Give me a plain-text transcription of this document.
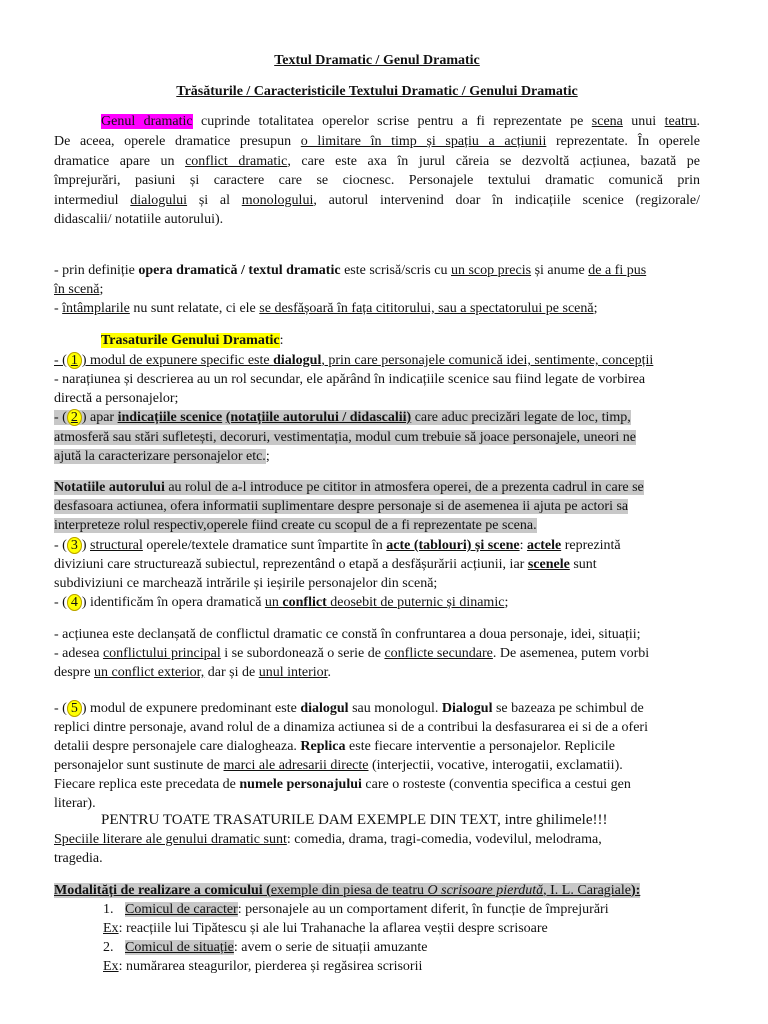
Textul Dramatic / Genul Dramatic
Trăsăturile / Caracteristicile Textului Dramatic / Genului Dramatic
Genul dramatic cuprinde totalitatea operelor scrise pentru a fi reprezentate pe scena unui teatru.
De aceea, operele dramatice presupun o limitare în timp și spațiu a acțiunii reprezentate. În operele
dramatice apare un conflict dramatic, care este axa în jurul căreia se dezvoltă acțiunea, bazată pe
împrejurări, pasiuni și caractere care se ciocnesc. Personajele textului dramatic comunică prin
intermediul dialogului și al monologului, autorul intervenind doar în indicațiile scenice (regizorale/
didascalii/ notatiile autorului).
- prin definiție opera dramatică / textul dramatic este scrisă/scris cu un scop precis și anume de a fi pus
în scenă;
- întâmplarile nu sunt relatate, ci ele se desfășoară în fața cititorului, sau a spectatorului pe scenă;
Trasaturile Genului Dramatic:
- ( 1 ) modul de expunere specific este dialogul, prin care personajele comunică idei, sentimente, concepții
- narațiunea și descrierea au un rol secundar, ele apărând în indicațiile scenice sau fiind legate de vorbirea
directă a personajelor;
- ( 2 ) apar indicațiile scenice (notațiile autorului / didascalii) care aduc precizări legate de loc, timp,
atmosferă sau stări sufletești, decoruri, vestimentația, modul cum trebuie să joace personajele, uneori ne
ajută la caracterizare personajelor etc.;
Notatiile autorului au rolul de a-l introduce pe cititor in atmosfera operei, de a prezenta cadrul in care se
desfasoara actiunea, ofera informatii suplimentare despre personaje si de asemenea ii ajuta pe actori sa
interpreteze rolul respectiv,operele fiind create cu scopul de a fi reprezentate pe scena.
- ( 3 ) structural operele/textele dramatice sunt împartite în acte (tablouri) și scene: actele reprezintă
diviziuni care structurează subiectul, reprezentând o etapă a desfășurării acțiunii, iar scenele sunt
subdiviziuni ce marchează intrările și ieșirile personajelor din scenă;
- ( 4 ) identificăm în opera dramatică un conflict deosebit de puternic și dinamic;
- acțiunea este declanșată de conflictul dramatic ce constă în confruntarea a doua personaje, idei, situații;
- adesea conflictului principal i se subordonează o serie de conflicte secundare. De asemenea, putem vorbi
despre un conflict exterior, dar și de unul interior.
- ( 5 ) modul de expunere predominant este dialogul sau monologul. Dialogul se bazeaza pe schimbul de
replici dintre personaje, avand rolul de a dinamiza actiunea si de a contribui la desfasurarea ei si de a oferi
detalii despre personajele care dialogheaza. Replica este fiecare interventie a personajelor. Replicile
personajelor sunt sustinute de marci ale adresarii directe (interjectii, vocative, interogatii, exclamatii).
Fiecare replica este precedata de numele personajului care o rosteste (conventia specifica a cestui gen
literar).
PENTRU TOATE TRASATURILE DAM EXEMPLE DIN TEXT, intre ghilimele!!!
Speciile literare ale genului dramatic sunt: comedia, drama, tragi-comedia, vodevilul, melodrama,
tragedia.
Modalități de realizare a comicului (exemple din piesa de teatru O scrisoare pierdută, I. L. Caragiale):
1. Comicul de caracter: personajele au un comportament diferit, în funcție de împrejurări
Ex: reacțiile lui Tipătescu și ale lui Trahanache la aflarea veștii despre scrisoare
2. Comicul de situație: avem o serie de situații amuzante
Ex: numărarea steagurilor, pierderea și regăsirea scrisorii
